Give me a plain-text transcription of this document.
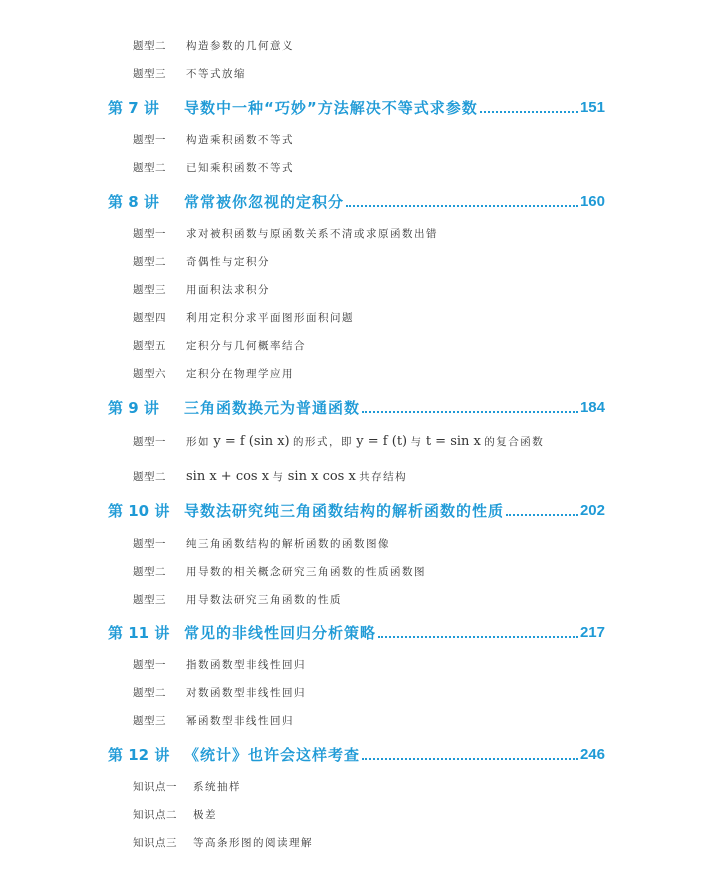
题型二 构造参数的几何意义
题型三 不等式放缩
第 7 讲	导数中一种“巧妙”方法解决不等式求参数	151
题型一 构造乘积函数不等式
题型二 已知乘积函数不等式
第 8 讲	常常被你忽视的定积分	160
题型一 求对被积函数与原函数关系不清或求原函数出错
题型二 奇偶性与定积分
题型三 用面积法求积分
题型四 利用定积分求平面图形面积问题
题型五 定积分与几何概率结合
题型六 定积分在物理学应用
第 9 讲	三角函数换元为普通函数	184
题型一 形如 y = f (sin x) 的形式，即 y = f (t) 与 t = sin x 的复合函数
题型二 sin x + cos x 与 sin x cos x 共存结构
第 10 讲 导数法研究纯三角函数结构的解析函数的性质	202
题型一 纯三角函数结构的解析函数的函数图像
题型二 用导数的相关概念研究三角函数的性质函数图
题型三 用导数法研究三角函数的性质
第 11 讲 常见的非线性回归分析策略	217
题型一 指数函数型非线性回归
题型二 对数函数型非线性回归
题型三 幂函数型非线性回归
第 12 讲 《统计》也许会这样考查	246
知识点一 系统抽样
知识点二 极差
知识点三 等高条形图的阅读理解
